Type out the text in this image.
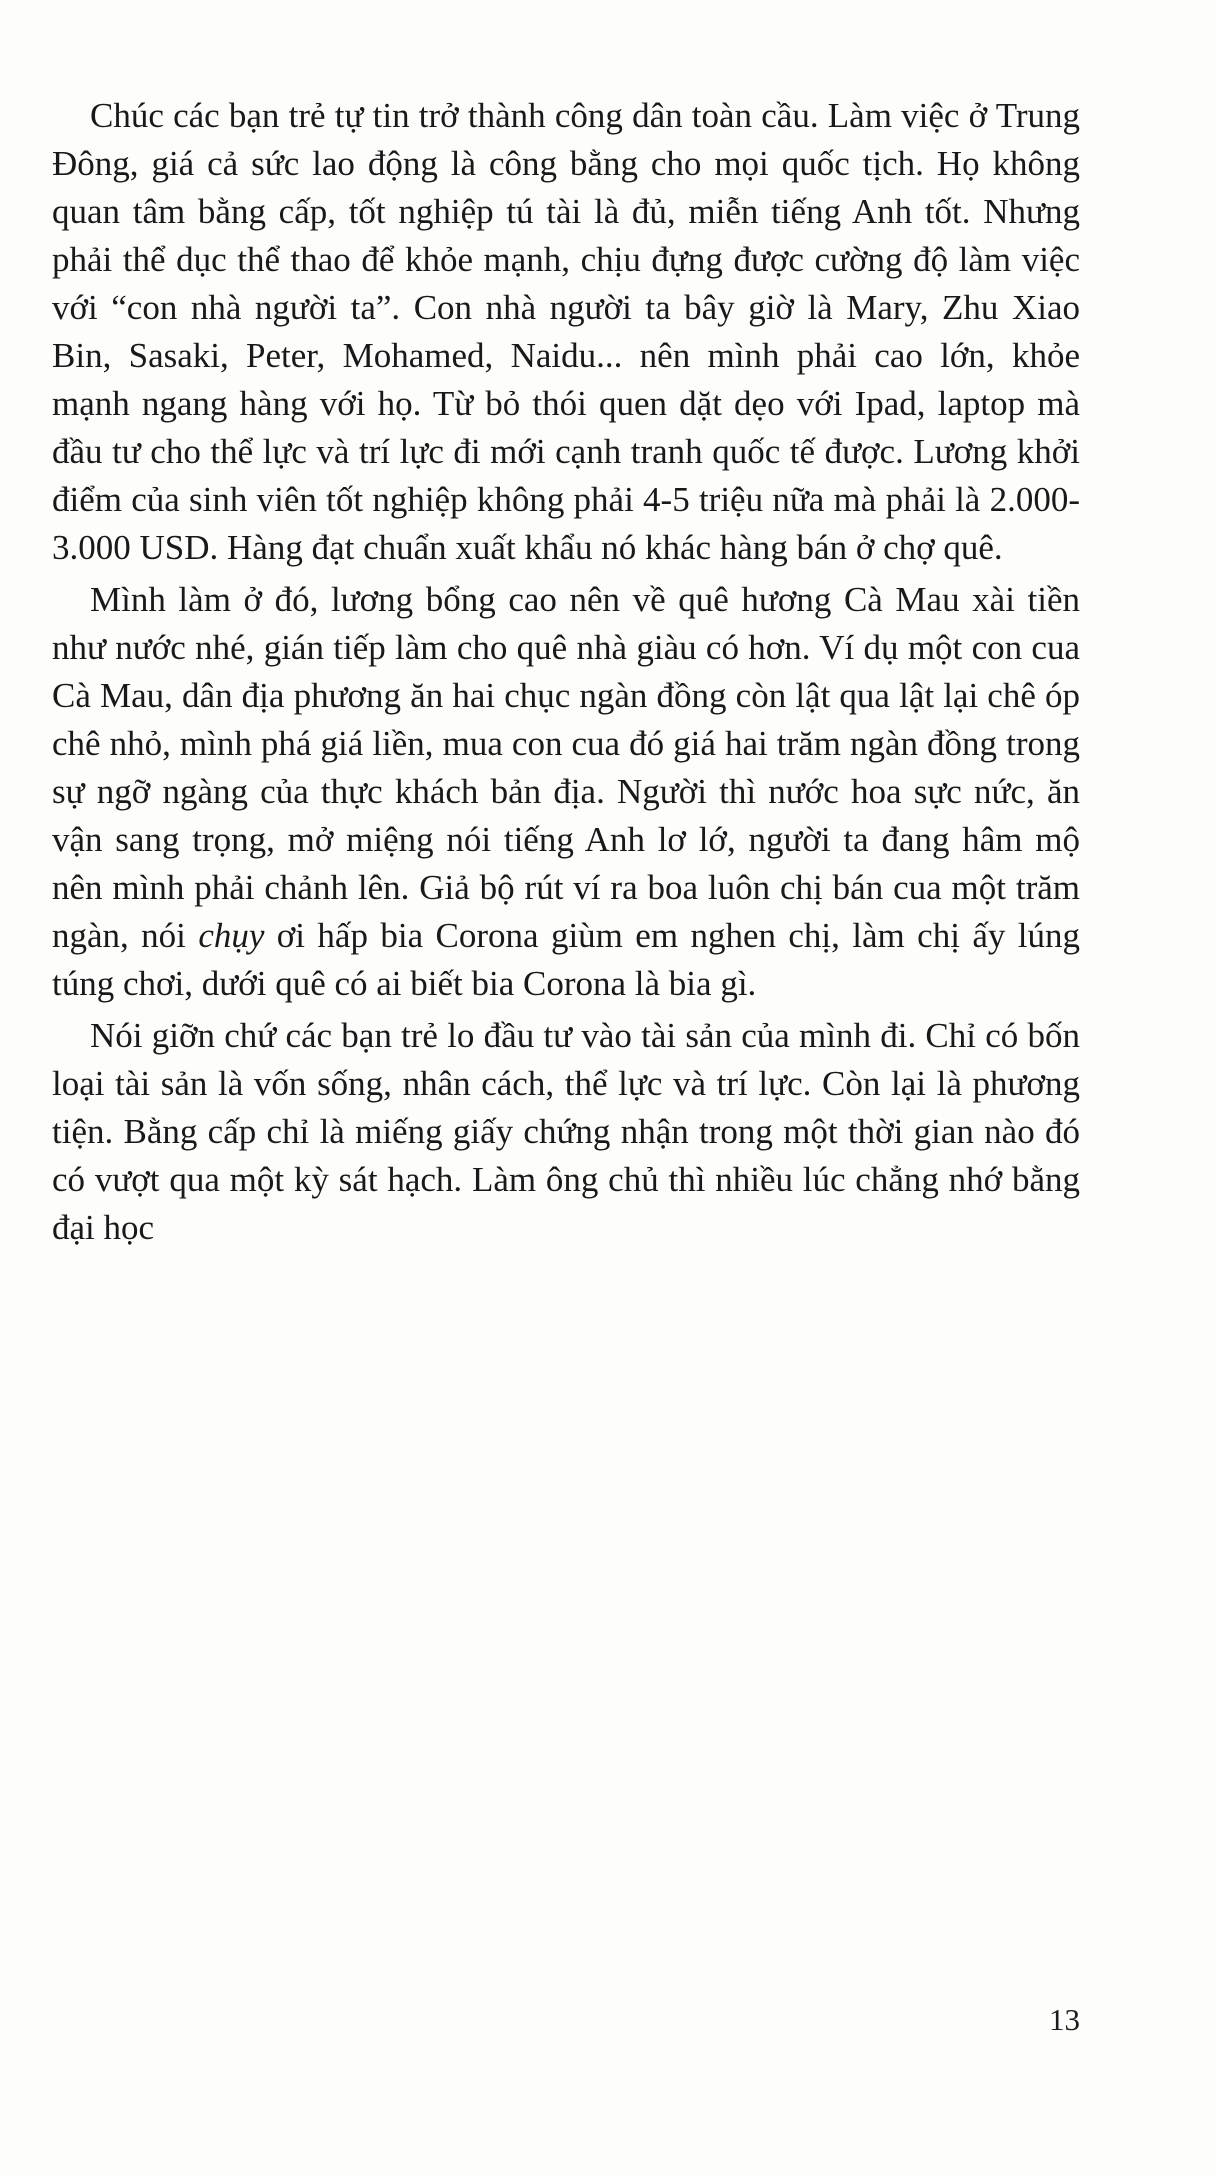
Chúc các bạn trẻ tự tin trở thành công dân toàn cầu. Làm việc ở Trung Đông, giá cả sức lao động là công bằng cho mọi quốc tịch. Họ không quan tâm bằng cấp, tốt nghiệp tú tài là đủ, miễn tiếng Anh tốt. Nhưng phải thể dục thể thao để khỏe mạnh, chịu đựng được cường độ làm việc với “con nhà người ta”. Con nhà người ta bây giờ là Mary, Zhu Xiao Bin, Sasaki, Peter, Mohamed, Naidu... nên mình phải cao lớn, khỏe mạnh ngang hàng với họ. Từ bỏ thói quen dặt dẹo với Ipad, laptop mà đầu tư cho thể lực và trí lực đi mới cạnh tranh quốc tế được. Lương khởi điểm của sinh viên tốt nghiệp không phải 4-5 triệu nữa mà phải là 2.000-3.000 USD. Hàng đạt chuẩn xuất khẩu nó khác hàng bán ở chợ quê.

Mình làm ở đó, lương bổng cao nên về quê hương Cà Mau xài tiền như nước nhé, gián tiếp làm cho quê nhà giàu có hơn. Ví dụ một con cua Cà Mau, dân địa phương ăn hai chục ngàn đồng còn lật qua lật lại chê óp chê nhỏ, mình phá giá liền, mua con cua đó giá hai trăm ngàn đồng trong sự ngỡ ngàng của thực khách bản địa. Người thì nước hoa sực nức, ăn vận sang trọng, mở miệng nói tiếng Anh lơ lớ, người ta đang hâm mộ nên mình phải chảnh lên. Giả bộ rút ví ra boa luôn chị bán cua một trăm ngàn, nói chụy ơi hấp bia Corona giùm em nghen chị, làm chị ấy lúng túng chơi, dưới quê có ai biết bia Corona là bia gì.

Nói giỡn chứ các bạn trẻ lo đầu tư vào tài sản của mình đi. Chỉ có bốn loại tài sản là vốn sống, nhân cách, thể lực và trí lực. Còn lại là phương tiện. Bằng cấp chỉ là miếng giấy chứng nhận trong một thời gian nào đó có vượt qua một kỳ sát hạch. Làm ông chủ thì nhiều lúc chẳng nhớ bằng đại học

13
